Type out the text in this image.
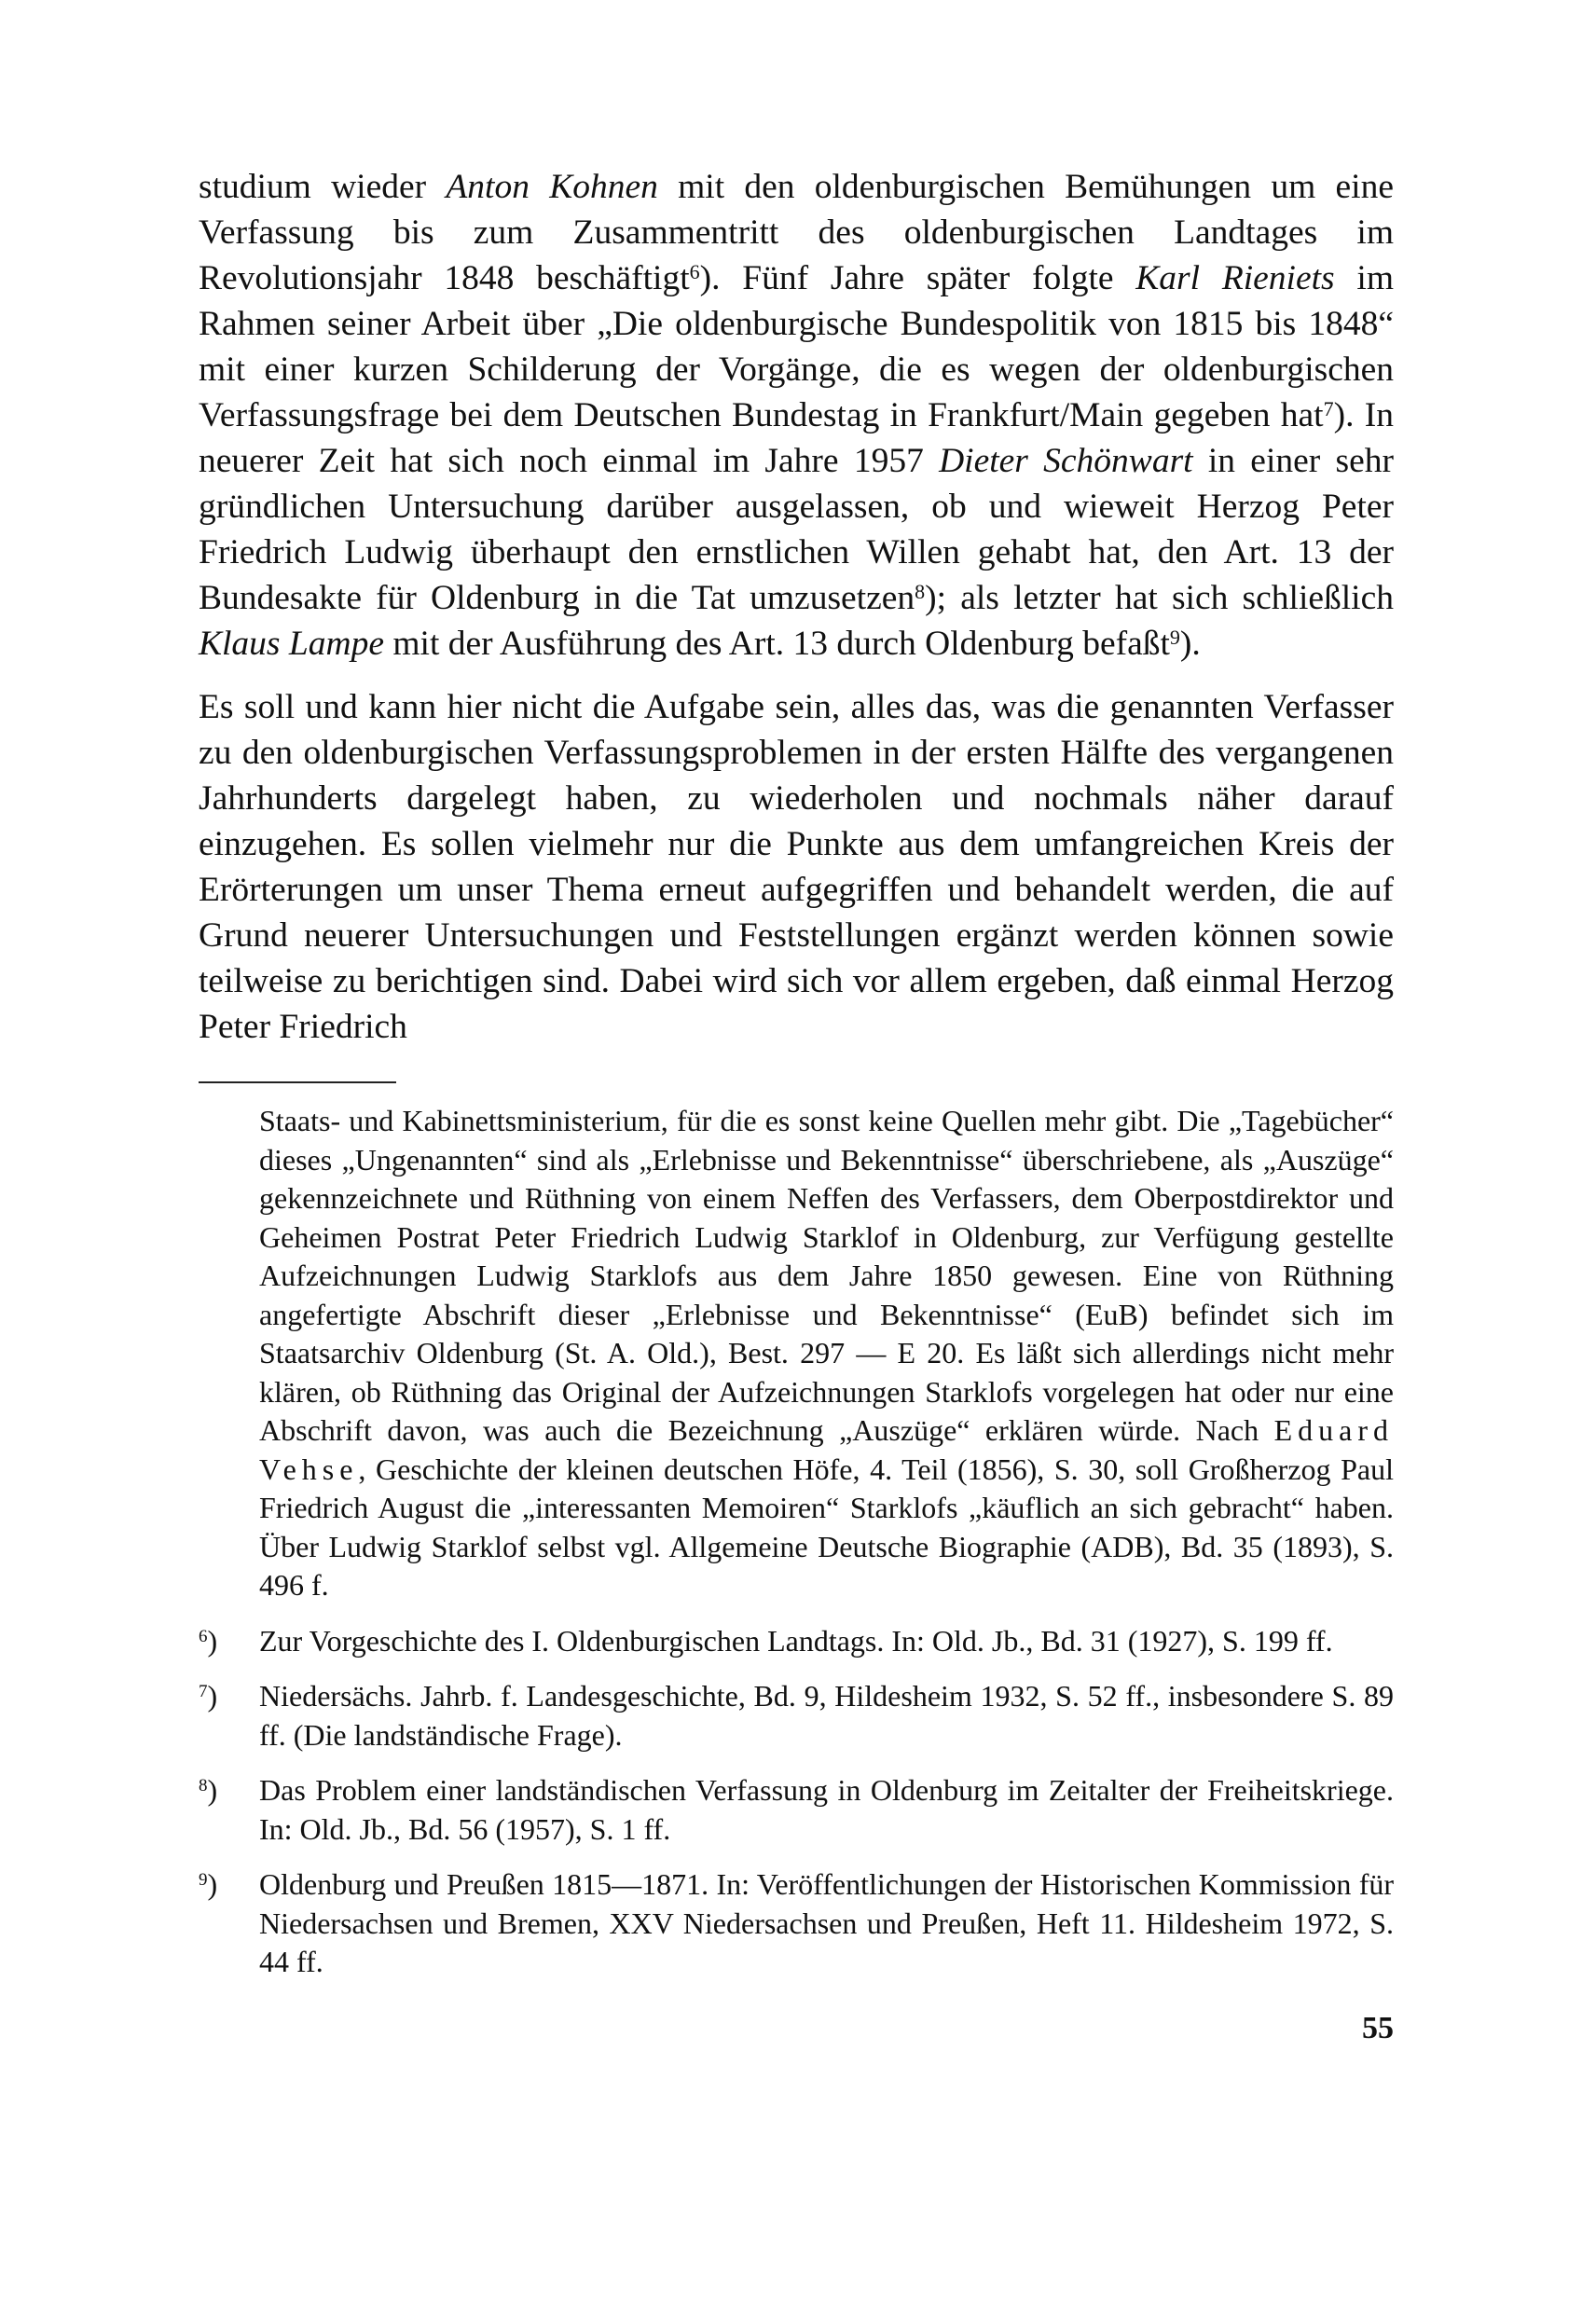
studium wieder Anton Kohnen mit den oldenburgischen Bemühungen um eine Verfassung bis zum Zusammentritt des oldenburgischen Landtages im Revolutionsjahr 1848 beschäftigt$^6$). Fünf Jahre später folgte Karl Rieniets im Rahmen seiner Arbeit über „Die oldenburgische Bundespolitik von 1815 bis 1848“ mit einer kurzen Schilderung der Vorgänge, die es wegen der oldenburgischen Verfassungsfrage bei dem Deutschen Bundestag in Frankfurt/Main gegeben hat$^7$). In neuerer Zeit hat sich noch einmal im Jahre 1957 Dieter Schönwart in einer sehr gründlichen Untersuchung darüber ausgelassen, ob und wieweit Herzog Peter Friedrich Ludwig überhaupt den ernstlichen Willen gehabt hat, den Art. 13 der Bundesakte für Oldenburg in die Tat umzusetzen$^8$); als letzter hat sich schließlich Klaus Lampe mit der Ausführung des Art. 13 durch Oldenburg befaßt$^9$).

Es soll und kann hier nicht die Aufgabe sein, alles das, was die genannten Verfasser zu den oldenburgischen Verfassungsproblemen in der ersten Hälfte des vergangenen Jahrhunderts dargelegt haben, zu wiederholen und nochmals näher darauf einzugehen. Es sollen vielmehr nur die Punkte aus dem umfangreichen Kreis der Erörterungen um unser Thema erneut aufgegriffen und behandelt werden, die auf Grund neuerer Untersuchungen und Feststellungen ergänzt werden können sowie teilweise zu berichtigen sind. Dabei wird sich vor allem ergeben, daß einmal Herzog Peter Friedrich

Staats- und Kabinettsministerium, für die es sonst keine Quellen mehr gibt. Die „Tagebücher“ dieses „Ungenannten“ sind als „Erlebnisse und Bekenntnisse“ überschriebene, als „Auszüge“ gekennzeichnete und Rüthning von einem Neffen des Verfassers, dem Oberpostdirektor und Geheimen Postrat Peter Friedrich Ludwig Starklof in Oldenburg, zur Verfügung gestellte Aufzeichnungen Ludwig Starklofs aus dem Jahre 1850 gewesen. Eine von Rüthning angefertigte Abschrift dieser „Erlebnisse und Bekenntnisse“ (EuB) befindet sich im Staatsarchiv Oldenburg (St. A. Old.), Best. 297 — E 20. Es läßt sich allerdings nicht mehr klären, ob Rüthning das Original der Aufzeichnungen Starklofs vorgelegen hat oder nur eine Abschrift davon, was auch die Bezeichnung „Auszüge“ erklären würde. Nach Eduard Vehse, Geschichte der kleinen deutschen Höfe, 4. Teil (1856), S. 30, soll Großherzog Paul Friedrich August die „interessanten Memoiren“ Starklofs „käuflich an sich gebracht“ haben. Über Ludwig Starklof selbst vgl. Allgemeine Deutsche Biographie (ADB), Bd. 35 (1893), S. 496 f.

$^6$) Zur Vorgeschichte des I. Oldenburgischen Landtags. In: Old. Jb., Bd. 31 (1927), S. 199 ff.

$^7$) Niedersächs. Jahrb. f. Landesgeschichte, Bd. 9, Hildesheim 1932, S. 52 ff., insbesondere S. 89 ff. (Die landständische Frage).

$^8$) Das Problem einer landständischen Verfassung in Oldenburg im Zeitalter der Freiheitskriege. In: Old. Jb., Bd. 56 (1957), S. 1 ff.

$^9$) Oldenburg und Preußen 1815—1871. In: Veröffentlichungen der Historischen Kommission für Niedersachsen und Bremen, XXV Niedersachsen und Preußen, Heft 11. Hildesheim 1972, S. 44 ff.

55
